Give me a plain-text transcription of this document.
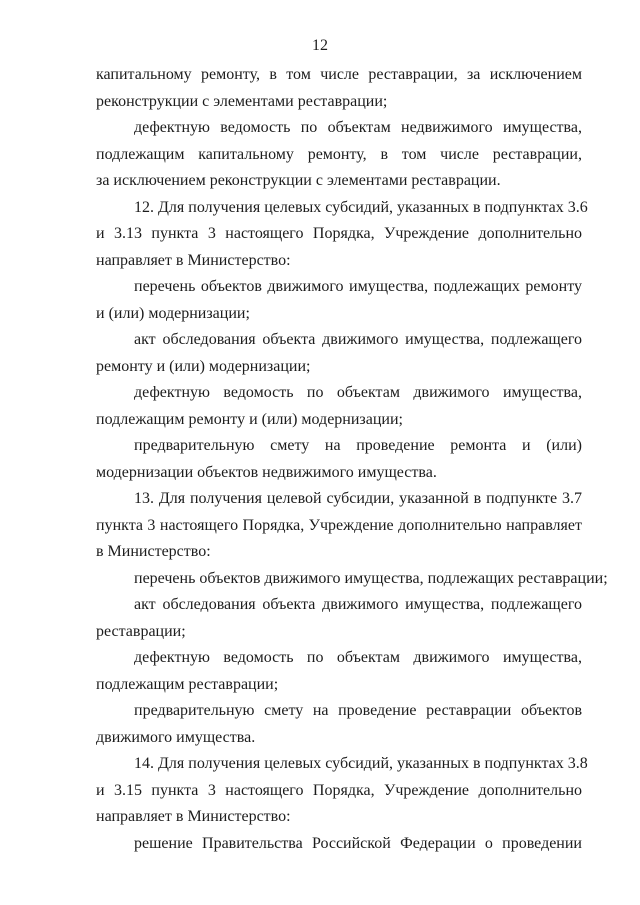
12
капитальному ремонту, в том числе реставрации, за исключением
реконструкции с элементами реставрации;
дефектную ведомость по объектам недвижимого имущества,
подлежащим капитальному ремонту, в том числе реставрации,
за исключением реконструкции с элементами реставрации.
12. Для получения целевых субсидий, указанных в подпунктах 3.6
и 3.13 пункта 3 настоящего Порядка, Учреждение дополнительно
направляет в Министерство:
перечень объектов движимого имущества, подлежащих ремонту
и (или) модернизации;
акт обследования объекта движимого имущества, подлежащего
ремонту и (или) модернизации;
дефектную ведомость по объектам движимого имущества,
подлежащим ремонту и (или) модернизации;
предварительную смету на проведение ремонта и (или)
модернизации объектов недвижимого имущества.
13. Для получения целевой субсидии, указанной в подпункте 3.7
пункта 3 настоящего Порядка, Учреждение дополнительно направляет
в Министерство:
перечень объектов движимого имущества, подлежащих реставрации;
акт обследования объекта движимого имущества, подлежащего
реставрации;
дефектную ведомость по объектам движимого имущества,
подлежащим реставрации;
предварительную смету на проведение реставрации объектов
движимого имущества.
14. Для получения целевых субсидий, указанных в подпунктах 3.8
и 3.15 пункта 3 настоящего Порядка, Учреждение дополнительно
направляет в Министерство:
решение Правительства Российской Федерации о проведении
